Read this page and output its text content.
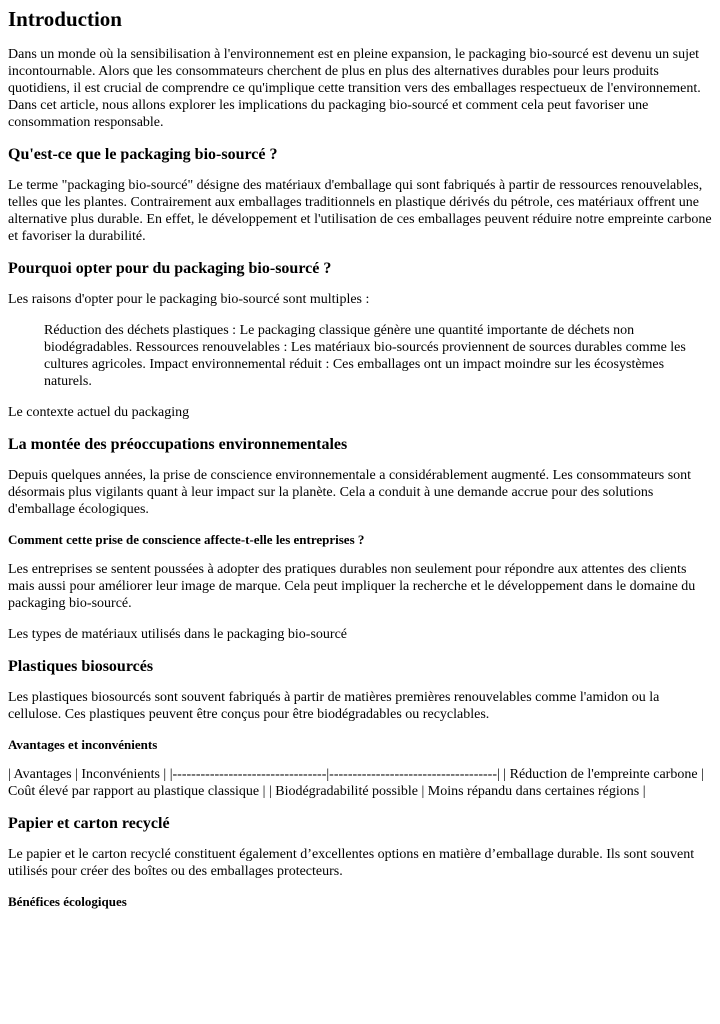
Introduction

Dans un monde où la sensibilisation à l'environnement est en pleine expansion, le packaging bio-sourcé est devenu un sujet incontournable. Alors que les consommateurs cherchent de plus en plus des alternatives durables pour leurs produits quotidiens, il est crucial de comprendre ce qu'implique cette transition vers des emballages respectueux de l'environnement. Dans cet article, nous allons explorer les implications du packaging bio-sourcé et comment cela peut favoriser une consommation responsable.

Qu'est-ce que le packaging bio-sourcé ?

Le terme "packaging bio-sourcé" désigne des matériaux d'emballage qui sont fabriqués à partir de ressources renouvelables, telles que les plantes. Contrairement aux emballages traditionnels en plastique dérivés du pétrole, ces matériaux offrent une alternative plus durable. En effet, le développement et l'utilisation de ces emballages peuvent réduire notre empreinte carbone et favoriser la durabilité.

Pourquoi opter pour du packaging bio-sourcé ?

Les raisons d'opter pour le packaging bio-sourcé sont multiples :

Réduction des déchets plastiques : Le packaging classique génère une quantité importante de déchets non biodégradables. Ressources renouvelables : Les matériaux bio-sourcés proviennent de sources durables comme les cultures agricoles. Impact environnemental réduit : Ces emballages ont un impact moindre sur les écosystèmes naturels.

Le contexte actuel du packaging

La montée des préoccupations environnementales

Depuis quelques années, la prise de conscience environnementale a considérablement augmenté. Les consommateurs sont désormais plus vigilants quant à leur impact sur la planète. Cela a conduit à une demande accrue pour des solutions d'emballage écologiques.

Comment cette prise de conscience affecte-t-elle les entreprises ?

Les entreprises se sentent poussées à adopter des pratiques durables non seulement pour répondre aux attentes des clients mais aussi pour améliorer leur image de marque. Cela peut impliquer la recherche et le développement dans le domaine du packaging bio-sourcé.

Les types de matériaux utilisés dans le packaging bio-sourcé

Plastiques biosourcés

Les plastiques biosourcés sont souvent fabriqués à partir de matières premières renouvelables comme l'amidon ou la cellulose. Ces plastiques peuvent être conçus pour être biodégradables ou recyclables.

Avantages et inconvénients

| Avantages | Inconvénients | |---------------------------------|------------------------------------| | Réduction de l'empreinte carbone | Coût élevé par rapport au plastique classique | | Biodégradabilité possible | Moins répandu dans certaines régions |

Papier et carton recyclé

Le papier et le carton recyclé constituent également d’excellentes options en matière d’emballage durable. Ils sont souvent utilisés pour créer des boîtes ou des emballages protecteurs.

Bénéfices écologiques
